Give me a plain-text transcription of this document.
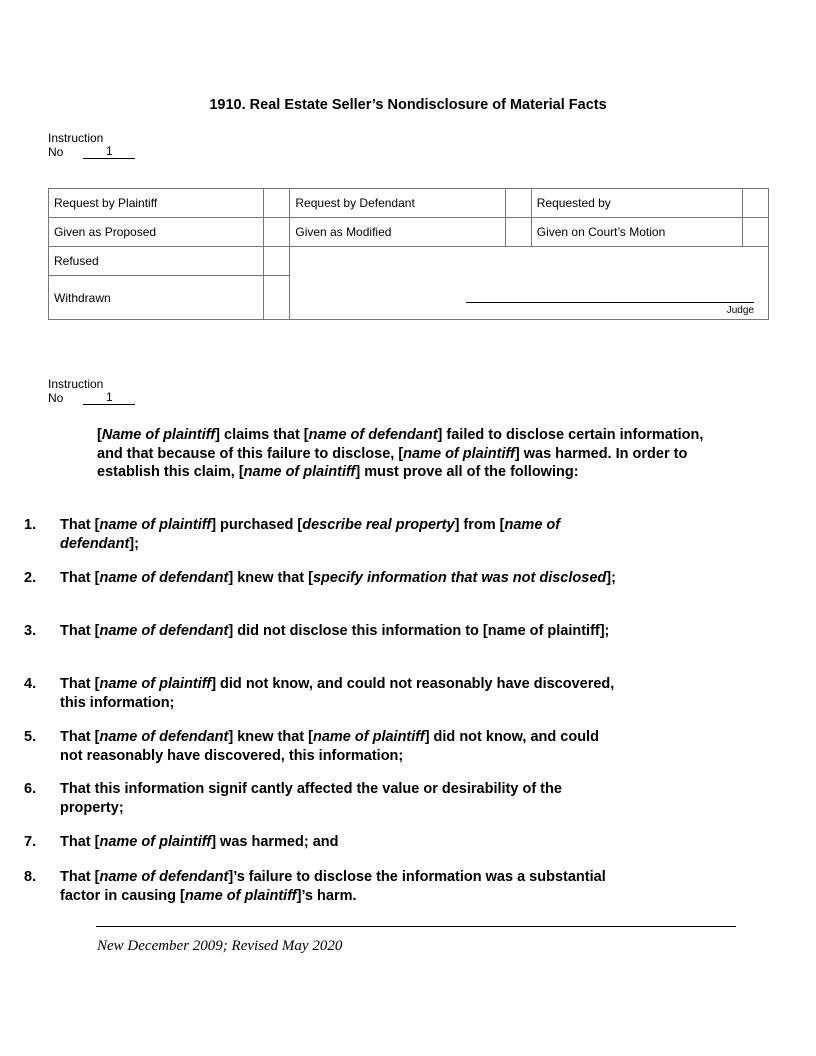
1910. Real Estate Seller’s Nondisclosure of Material Facts
Instruction
No	1
Request by Plaintiff		Request by Defendant		Requested by	
Given as Proposed		Given as Modified		Given on Court’s Motion	
Refused		Judge			

Withdrawn					
Instruction
No	1
[Name of plaintiff] claims that [name of defendant] failed to disclose certain information, and that because of this failure to disclose, [name of plaintiff] was harmed. In order to establish this claim, [name of plaintiff] must prove all of the following:
1.	That [name of plaintiff] purchased [describe real property] from [name of defendant];
2.	That [name of defendant] knew that [specify information that was not disclosed];
3.	That [name of defendant] did not disclose this information to [name of plaintiff];
4.	That [name of plaintiff] did not know, and could not reasonably have discovered, this information;
5.	That [name of defendant] knew that [name of plaintiff] did not know, and could not reasonably have discovered, this information;
6.	That this information signif cantly affected the value or desirability of the property;
7.	That [name of plaintiff] was harmed; and
8.	That [name of defendant]’s failure to disclose the information was a substantial factor in causing [name of plaintiff]’s harm.
New December 2009; Revised May 2020
